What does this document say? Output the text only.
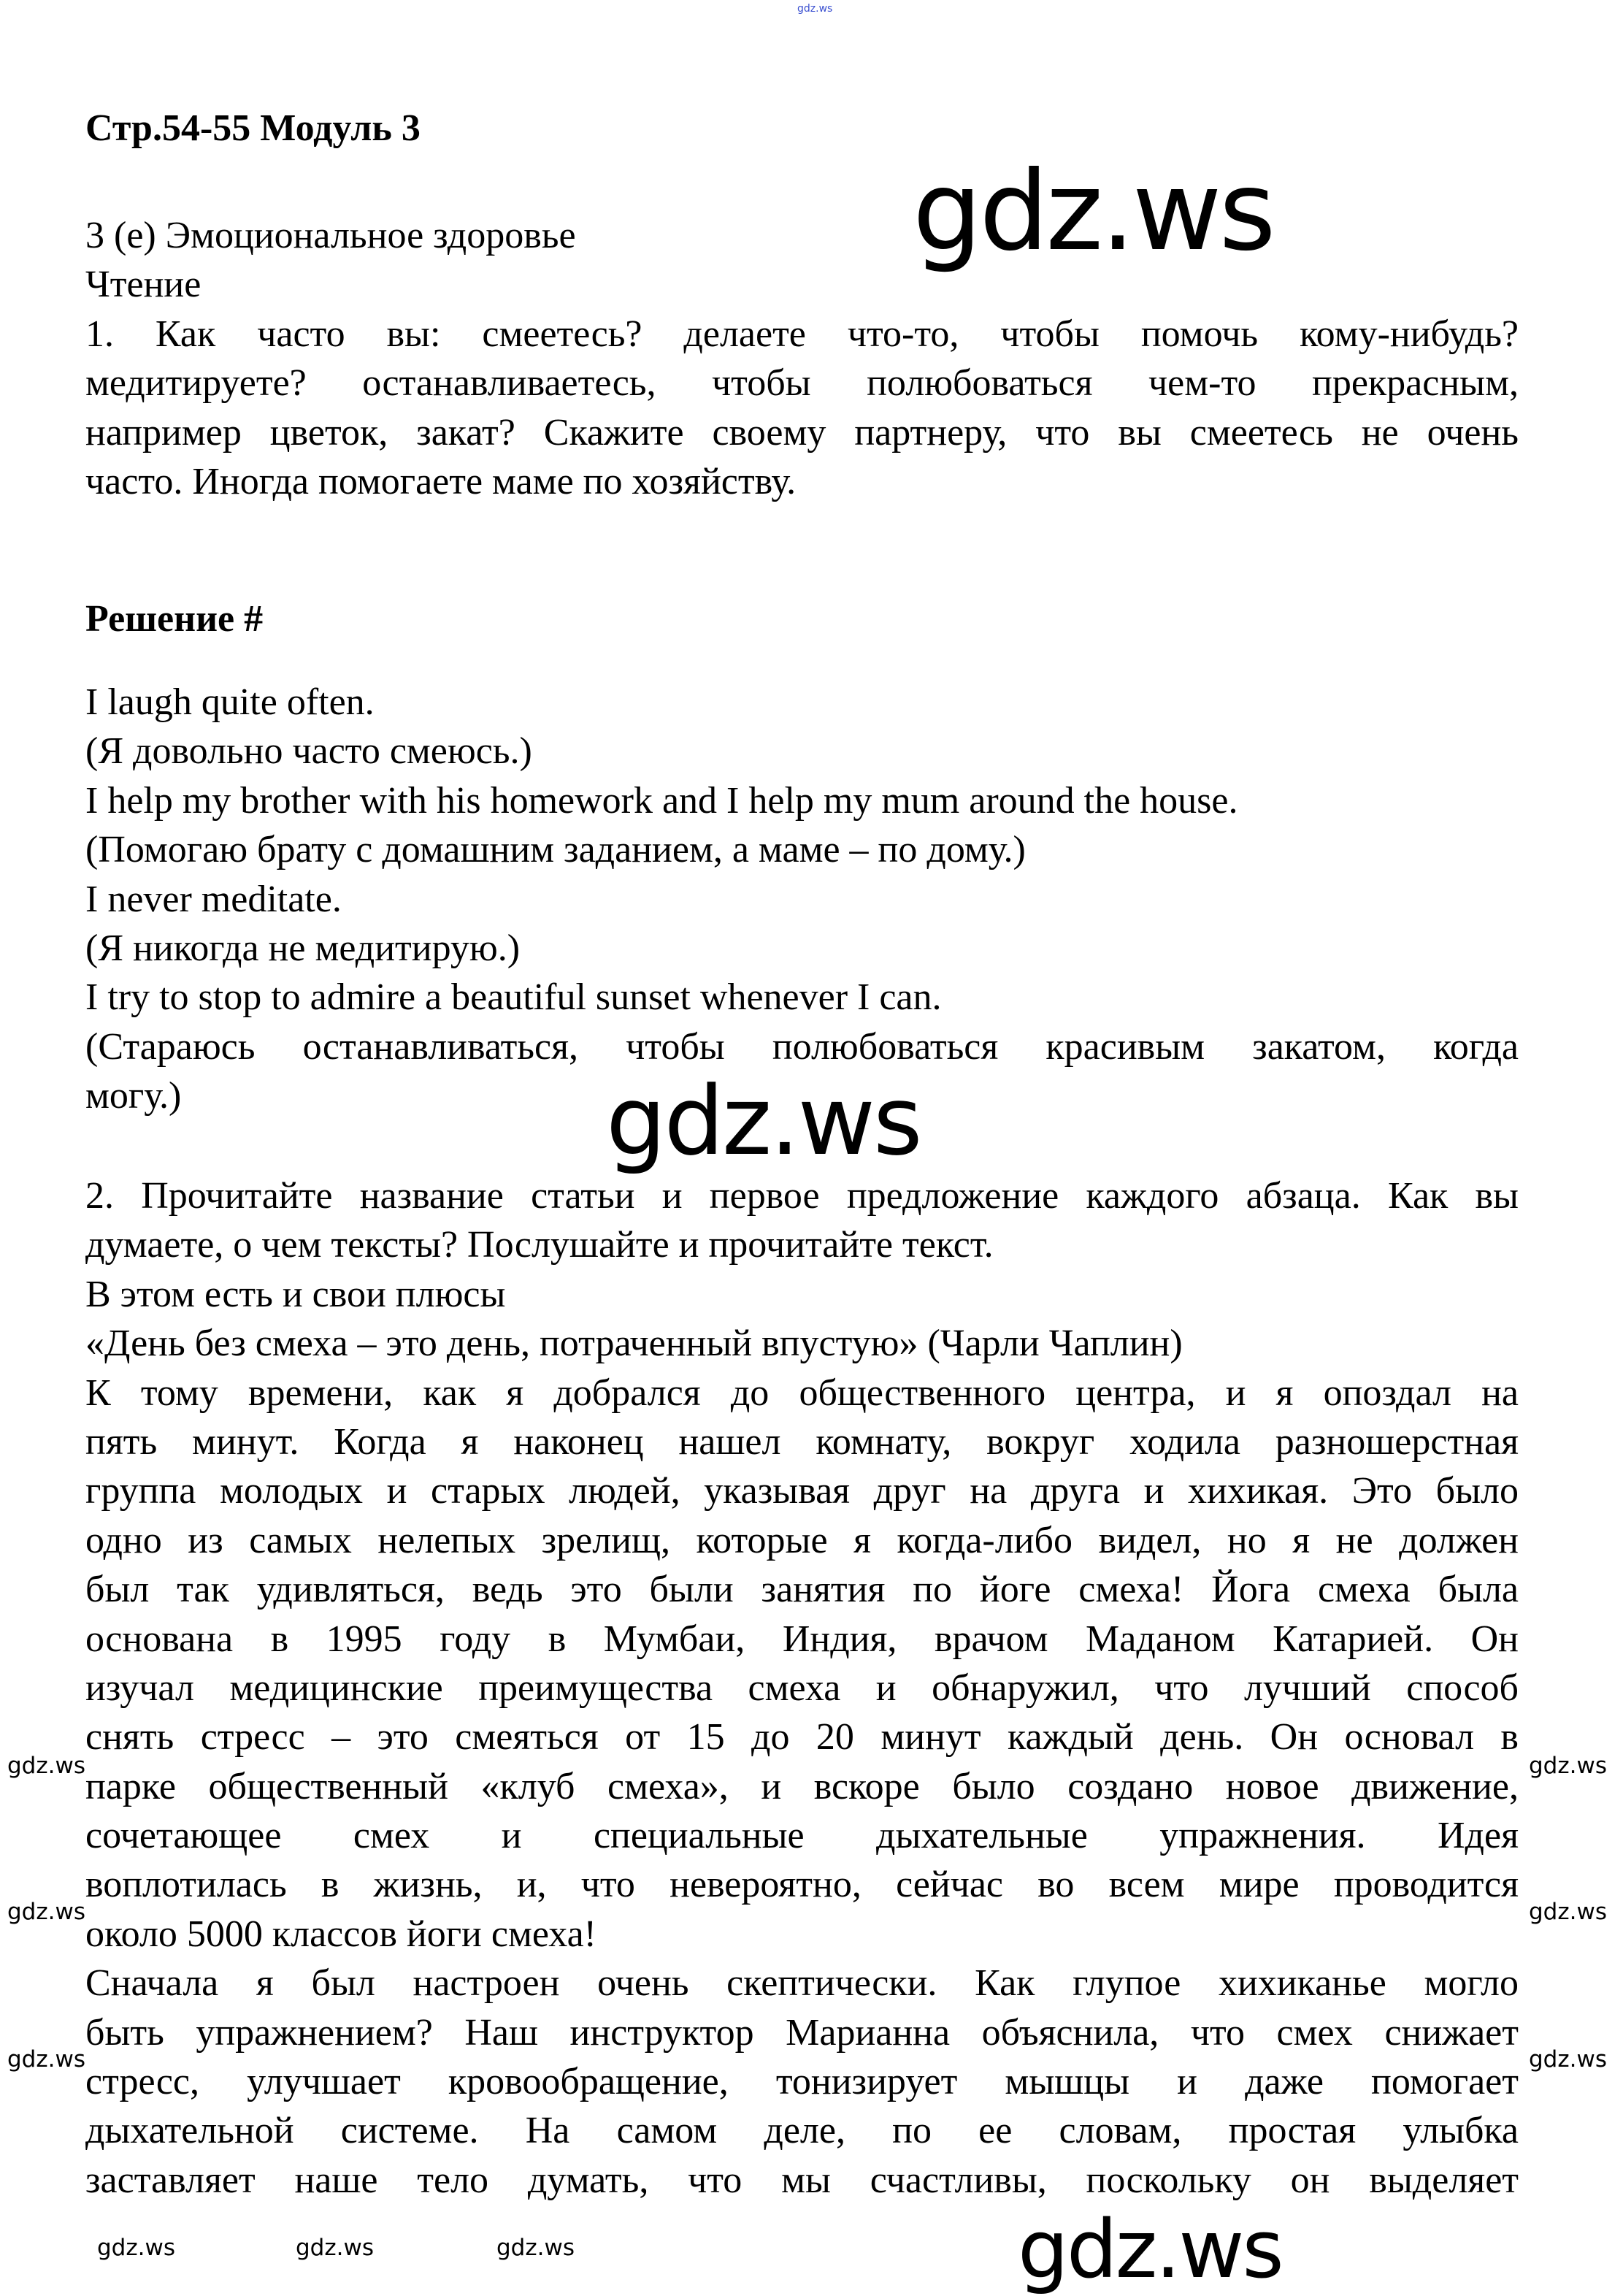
gdz.ws
Стр.54-55 Модуль 3
3 (е) Эмоциональное здоровье
Чтение
1. Как часто вы: смеетесь? делаете что-то, чтобы помочь кому-нибудь?
медитируете? останавливаетесь, чтобы полюбоваться чем-то прекрасным,
например цветок, закат? Скажите своему партнеру, что вы смеетесь не очень
часто. Иногда помогаете маме по хозяйству.
Решение #
I laugh quite often.
(Я довольно часто смеюсь.)
I help my brother with his homework and I help my mum around the house.
(Помогаю брату с домашним заданием, а маме – по дому.)
I never meditate.
(Я никогда не медитирую.)
I try to stop to admire a beautiful sunset whenever I can.
(Стараюсь останавливаться, чтобы полюбоваться красивым закатом, когда
могу.)
2. Прочитайте название статьи и первое предложение каждого абзаца. Как вы
думаете, о чем тексты? Послушайте и прочитайте текст.
В этом есть и свои плюсы
«День без смеха – это день, потраченный впустую» (Чарли Чаплин)
К тому времени, как я добрался до общественного центра, и я опоздал на
пять минут. Когда я наконец нашел комнату, вокруг ходила разношерстная
группа молодых и старых людей, указывая друг на друга и хихикая. Это было
одно из самых нелепых зрелищ, которые я когда-либо видел, но я не должен
был так удивляться, ведь это были занятия по йоге смеха! Йога смеха была
основана в 1995 году в Мумбаи, Индия, врачом Маданом Катарией. Он
изучал медицинские преимущества смеха и обнаружил, что лучший способ
снять стресс – это смеяться от 15 до 20 минут каждый день. Он основал в
парке общественный «клуб смеха», и вскоре было создано новое движение,
сочетающее смех и специальные дыхательные упражнения. Идея
воплотилась в жизнь, и, что невероятно, сейчас во всем мире проводится
около 5000 классов йоги смеха!
Сначала я был настроен очень скептически. Как глупое хихиканье могло
быть упражнением? Наш инструктор Марианна объяснила, что смех снижает
стресс, улучшает кровообращение, тонизирует мышцы и даже помогает
дыхательной системе. На самом деле, по ее словам, простая улыбка
заставляет наше тело думать, что мы счастливы, поскольку он выделяет
gdz.ws
gdz.ws
gdz.ws
gdz.ws	gdz.ws
gdz.ws	gdz.ws
gdz.ws	gdz.ws
gdz.ws	gdz.ws	gdz.ws
